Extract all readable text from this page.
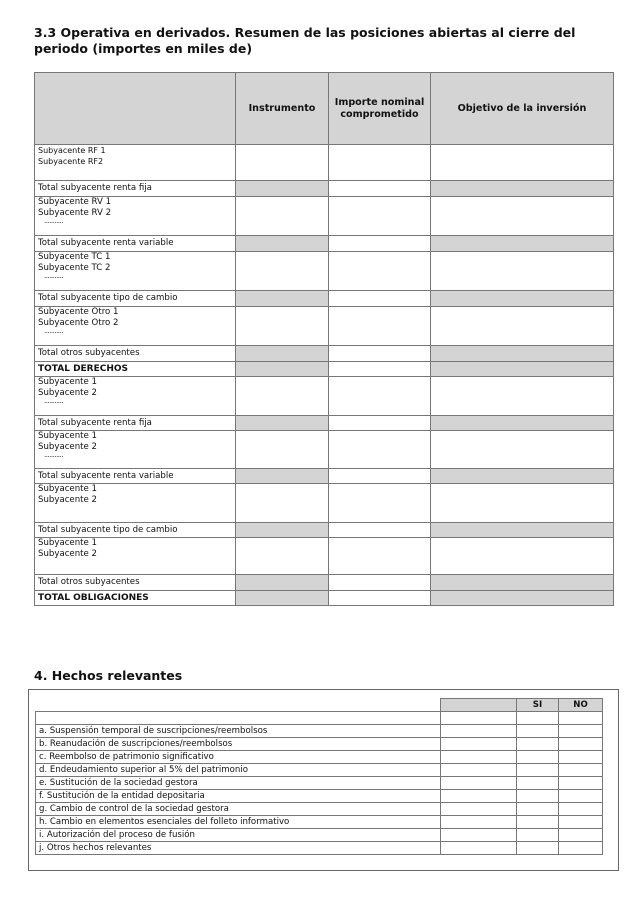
3.3 Operativa en derivados. Resumen de las posiciones abiertas al cierre del periodo (importes en miles de)
	Instrumento	Importe nominal comprometido	Objetivo de la inversión

Subyacente RF 1
Subyacente RF2			

Total subyacente renta fija			

Subyacente RV 1
Subyacente RV 2
...........			

Total subyacente renta variable			

Subyacente TC 1
Subyacente TC 2
...........			

Total subyacente tipo de cambio			

Subyacente Otro 1
Subyacente Otro 2
...........			

Total otros subyacentes			
TOTAL DERECHOS			

Subyacente 1
Subyacente 2
...........			

Total subyacente renta fija			

Subyacente 1
Subyacente 2
...........			

Total subyacente renta variable			

Subyacente 1
Subyacente 2			

Total subyacente tipo de cambio			

Subyacente 1
Subyacente 2			

Total otros subyacentes			
TOTAL OBLIGACIONES			
4. Hechos relevantes
		SI	NO

a. Suspensión temporal de suscripciones/reembolsos			
b. Reanudación de suscripciones/reembolsos			
c. Reembolso de patrimonio significativo			
d. Endeudamiento superior al 5% del patrimonio			
e. Sustitución de la sociedad gestora			
f. Sustitución de la entidad depositaria			
g. Cambio de control de la sociedad gestora			
h. Cambio en elementos esenciales del folleto informativo			
i. Autorización del proceso de fusión			
j. Otros hechos relevantes			
